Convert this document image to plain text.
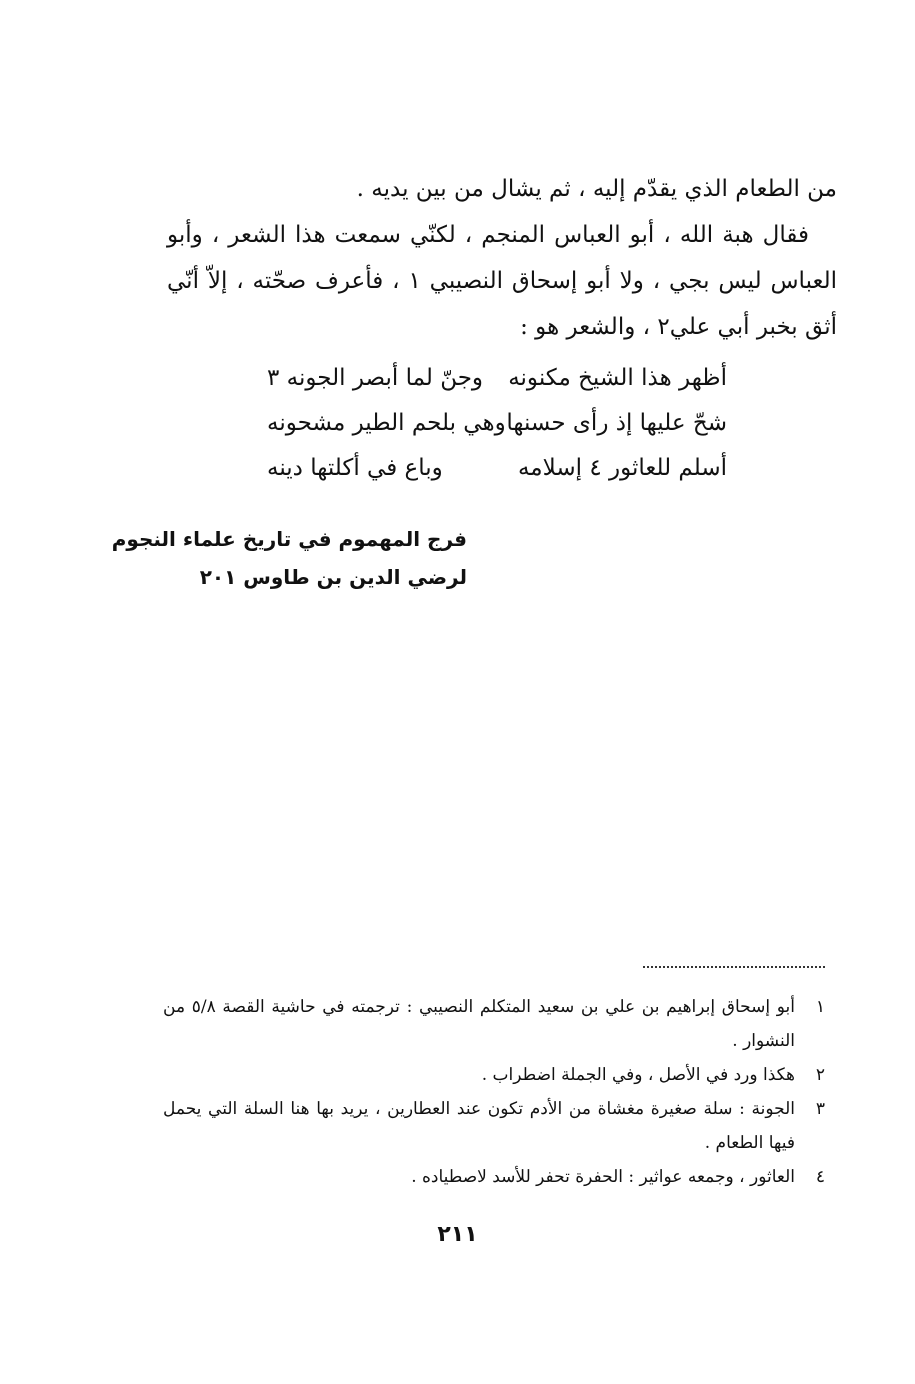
من الطعام الذي يقدّم إليه ، ثم يشال من بين يديه .

فقال هبة الله ، أبو العباس المنجم ، لكنّي سمعت هذا الشعر ، وأبو العباس ليس بجي ، ولا أبو إسحاق النصيبي ١ ، فأعرف صحّته ، إلاّ أنّي أثق بخبر أبي علي٢ ، والشعر هو :

أظهر هذا الشيخ مكنونه
وجنّ لما أبصر الجونه ٣
شحّ عليها إذ رأى حسنها
وهي بلحم الطير مشحونه
أسلم للعاثور ٤ إسلامه
وباع في أكلتها دينه
فرج المهموم في تاريخ علماء النجوم
لرضي الدين بن طاوس ٢٠١
١
أبو إسحاق إبراهيم بن علي بن سعيد المتكلم النصيبي : ترجمته في حاشية القصة ٥/٨ من النشوار .
٢
هكذا ورد في الأصل ، وفي الجملة اضطراب .
٣
الجونة : سلة صغيرة مغشاة من الأدم تكون عند العطارين ، يريد بها هنا السلة التي يحمل فيها الطعام .
٤
العاثور ، وجمعه عواثير : الحفرة تحفر للأسد لاصطياده .
٢١١
